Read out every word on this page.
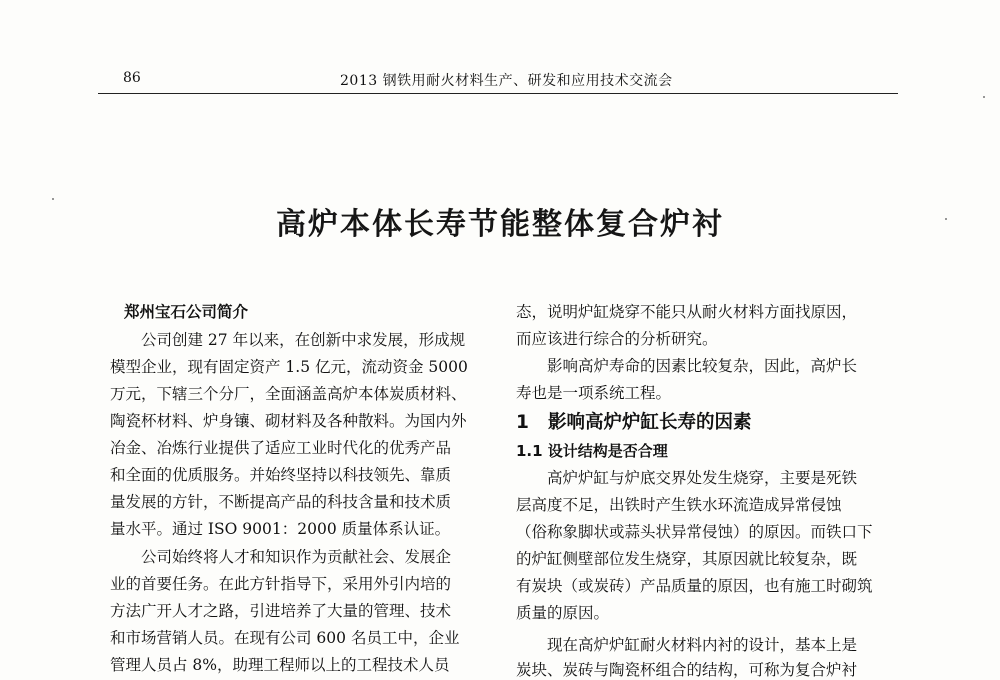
86	2013 钢铁用耐火材料生产、研发和应用技术交流会
高炉本体长寿节能整体复合炉衬
郑州宝石公司简介
公司创建 27 年以来，在创新中求发展，形成规
模型企业，现有固定资产 1.5 亿元，流动资金 5000
万元，下辖三个分厂，全面涵盖高炉本体炭质材料、
陶瓷杯材料、炉身镶、砌材料及各种散料。为国内外
冶金、冶炼行业提供了适应工业时代化的优秀产品
和全面的优质服务。并始终坚持以科技领先、靠质
量发展的方针，不断提高产品的科技含量和技术质
量水平。通过 ISO 9001：2000 质量体系认证。
公司始终将人才和知识作为贡献社会、发展企
业的首要任务。在此方针指导下，采用外引内培的
方法广开人才之路，引进培养了大量的管理、技术
和市场营销人员。在现有公司 600 名员工中，企业
管理人员占 8%，助理工程师以上的工程技术人员
态，说明炉缸烧穿不能只从耐火材料方面找原因，
而应该进行综合的分析研究。
影响高炉寿命的因素比较复杂，因此，高炉长
寿也是一项系统工程。
1 影响高炉炉缸长寿的因素
1.1 设计结构是否合理
高炉炉缸与炉底交界处发生烧穿，主要是死铁
层高度不足，出铁时产生铁水环流造成异常侵蚀
（俗称象脚状或蒜头状异常侵蚀）的原因。而铁口下
的炉缸侧壁部位发生烧穿，其原因就比较复杂，既
有炭块（或炭砖）产品质量的原因，也有施工时砌筑
质量的原因。
现在高炉炉缸耐火材料内衬的设计，基本上是
炭块、炭砖与陶瓷杯组合的结构，可称为复合炉衬
